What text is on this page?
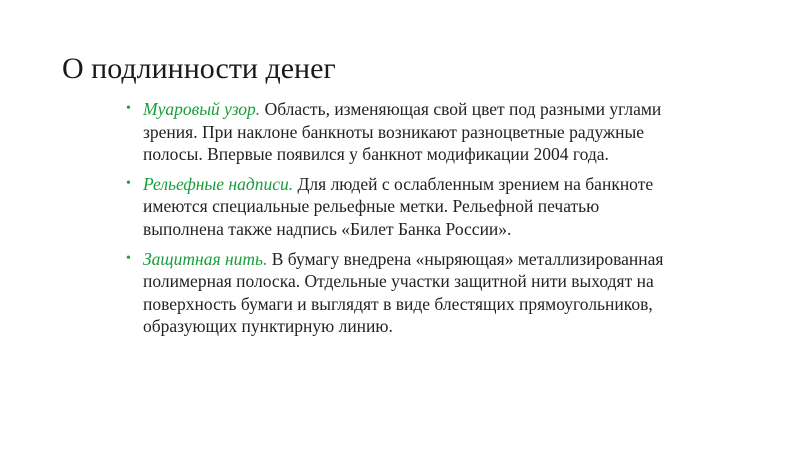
О подлинности денег
• Муаровый узор. Область, изменяющая свой цвет под разными углами зрения. При наклоне банкноты возникают разноцветные радужные полосы. Впервые появился у банкнот модификации 2004 года.
• Рельефные надписи. Для людей с ослабленным зрением на банкноте имеются специальные рельефные метки. Рельефной печатью выполнена также надпись «Билет Банка России».
• Защитная нить. В бумагу внедрена «ныряющая» металлизированная полимерная полоска. Отдельные участки защитной нити выходят на поверхность бумаги и выглядят в виде блестящих прямоугольников, образующих пунктирную линию.
